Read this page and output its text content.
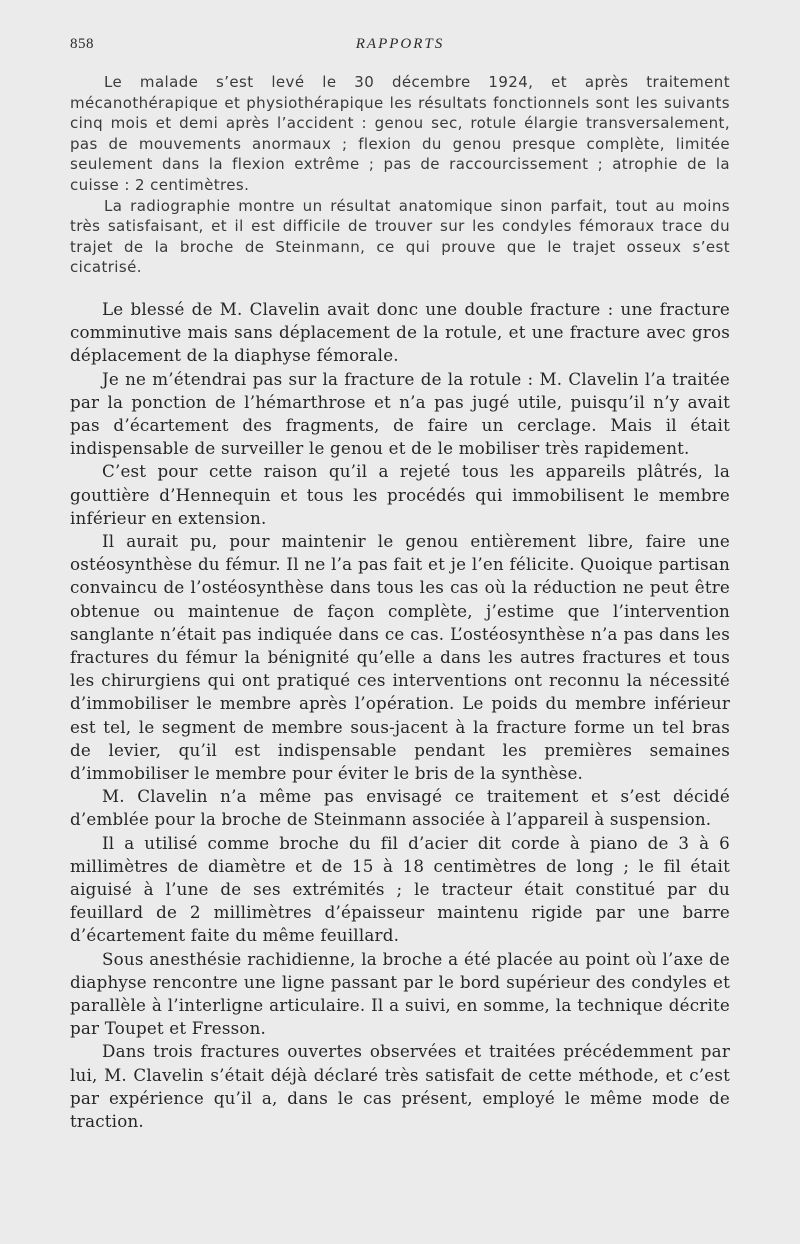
858	RAPPORTS

Le malade s’est levé le 30 décembre 1924, et après traitement mécanothérapique et physiothérapique les résultats fonctionnels sont les suivants cinq mois et demi après l’accident : genou sec, rotule élargie transversalement, pas de mouvements anormaux ; flexion du genou presque complète, limitée seulement dans la flexion extrême ; pas de raccourcissement ; atrophie de la cuisse : 2 centimètres.

La radiographie montre un résultat anatomique sinon parfait, tout au moins très satisfaisant, et il est difficile de trouver sur les condyles fémoraux trace du trajet de la broche de Steinmann, ce qui prouve que le trajet osseux s’est cicatrisé.

Le blessé de M. Clavelin avait donc une double fracture : une fracture comminutive mais sans déplacement de la rotule, et une fracture avec gros déplacement de la diaphyse fémorale.

Je ne m’étendrai pas sur la fracture de la rotule : M. Clavelin l’a traitée par la ponction de l’hémarthrose et n’a pas jugé utile, puisqu’il n’y avait pas d’écartement des fragments, de faire un cerclage. Mais il était indispensable de surveiller le genou et de le mobiliser très rapidement.

C’est pour cette raison qu’il a rejeté tous les appareils plâtrés, la gouttière d’Hennequin et tous les procédés qui immobilisent le membre inférieur en extension.

Il aurait pu, pour maintenir le genou entièrement libre, faire une ostéosynthèse du fémur. Il ne l’a pas fait et je l’en félicite. Quoique partisan convaincu de l’ostéosynthèse dans tous les cas où la réduction ne peut être obtenue ou maintenue de façon complète, j’estime que l’intervention sanglante n’était pas indiquée dans ce cas. L’ostéosynthèse n’a pas dans les fractures du fémur la bénignité qu’elle a dans les autres fractures et tous les chirurgiens qui ont pratiqué ces interventions ont reconnu la nécessité d’immobiliser le membre après l’opération. Le poids du membre inférieur est tel, le segment de membre sous-jacent à la fracture forme un tel bras de levier, qu’il est indispensable pendant les premières semaines d’immobiliser le membre pour éviter le bris de la synthèse.

M. Clavelin n’a même pas envisagé ce traitement et s’est décidé d’emblée pour la broche de Steinmann associée à l’appareil à suspension.

Il a utilisé comme broche du fil d’acier dit corde à piano de 3 à 6 millimètres de diamètre et de 15 à 18 centimètres de long ; le fil était aiguisé à l’une de ses extrémités ; le tracteur était constitué par du feuillard de 2 millimètres d’épaisseur maintenu rigide par une barre d’écartement faite du même feuillard.

Sous anesthésie rachidienne, la broche a été placée au point où l’axe de diaphyse rencontre une ligne passant par le bord supérieur des condyles et parallèle à l’interligne articulaire. Il a suivi, en somme, la technique décrite par Toupet et Fresson.

Dans trois fractures ouvertes observées et traitées précédemment par lui, M. Clavelin s’était déjà déclaré très satisfait de cette méthode, et c’est par expérience qu’il a, dans le cas présent, employé le même mode de traction.
